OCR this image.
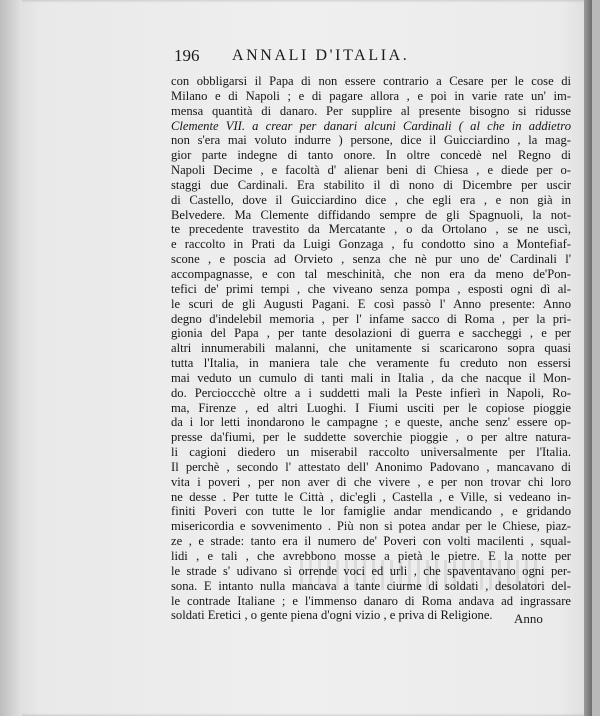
196 ANNALI D'ITALIA.
con obbligarsi il Papa di non essere contrario a Cesare per le cose di
Milano e di Napoli ; e di pagare allora , e poi in varie rate un' im-
mensa quantità di danaro. Per supplire al presente bisogno si ridusse
Clemente VII. a crear per danari alcuni Cardinali ( al che in addietro
non s'era mai voluto indurre ) persone, dice il Guicciardino , la mag-
gior parte indegne di tanto onore. In oltre concedè nel Regno di
Napoli Decime , e facoltà d' alienar beni di Chiesa , e diede per o-
staggi due Cardinali. Era stabilito il dì nono di Dicembre per uscir
di Castello, dove il Guicciardino dice , che egli era , e non già in
Belvedere. Ma Clemente diffidando sempre de gli Spagnuoli, la not-
te precedente travestito da Mercatante , o da Ortolano , se ne uscì,
e raccolto in Prati da Luigi Gonzaga , fu condotto sino a Montefiaf-
scone , e poscia ad Orvieto , senza che nè pur uno de' Cardinali l'
accompagnasse, e con tal meschinità, che non era da meno de'Pon-
tefici de' primi tempi , che viveano senza pompa , esposti ogni dì al-
le scuri de gli Augusti Pagani. E così passò l' Anno presente: Anno
degno d'indelebil memoria , per l' infame sacco di Roma , per la pri-
gionia del Papa , per tante desolazioni di guerra e saccheggi , e per
altri innumerabili malanni, che unitamente si scaricarono sopra quasi
tutta l'Italia, in maniera tale che veramente fu creduto non essersi
mai veduto un cumulo di tanti mali in Italia , da che nacque il Mon-
do. Percioccchè oltre a i suddetti mali la Peste infierì in Napoli, Ro-
ma, Firenze , ed altri Luoghi. I Fiumi usciti per le copiose pioggie
da i lor letti inondarono le campagne ; e queste, anche senz' essere op-
presse da'fiumi, per le suddette soverchie pioggie , o per altre natura-
li cagioni diedero un miserabil raccolto universalmente per l'Italia.
Il perchè , secondo l' attestato dell' Anonimo Padovano , mancavano di
vita i poveri , per non aver di che vivere , e per non trovar chi loro
ne desse . Per tutte le Città , dic'egli , Castella , e Ville, si vedeano in-
finiti Poveri con tutte le lor famiglie andar mendicando , e gridando
misericordia e sovvenimento . Più non si potea andar per le Chiese, piaz-
ze , e strade: tanto era il numero de' Poveri con volti macilenti , squal-
lidi , e tali , che avrebbono mosse a pietà le pietre. E la notte per
le strade s' udivano sì orrende voci ed urli , che spaventavano ogni per-
sona. E intanto nulla mancava a tante ciurme di soldati , desolatori del-
le contrade Italiane ; e l'immenso danaro di Roma andava ad ingrassare
soldati Eretici , o gente piena d'ogni vizio , e priva di Religione.	Anno
